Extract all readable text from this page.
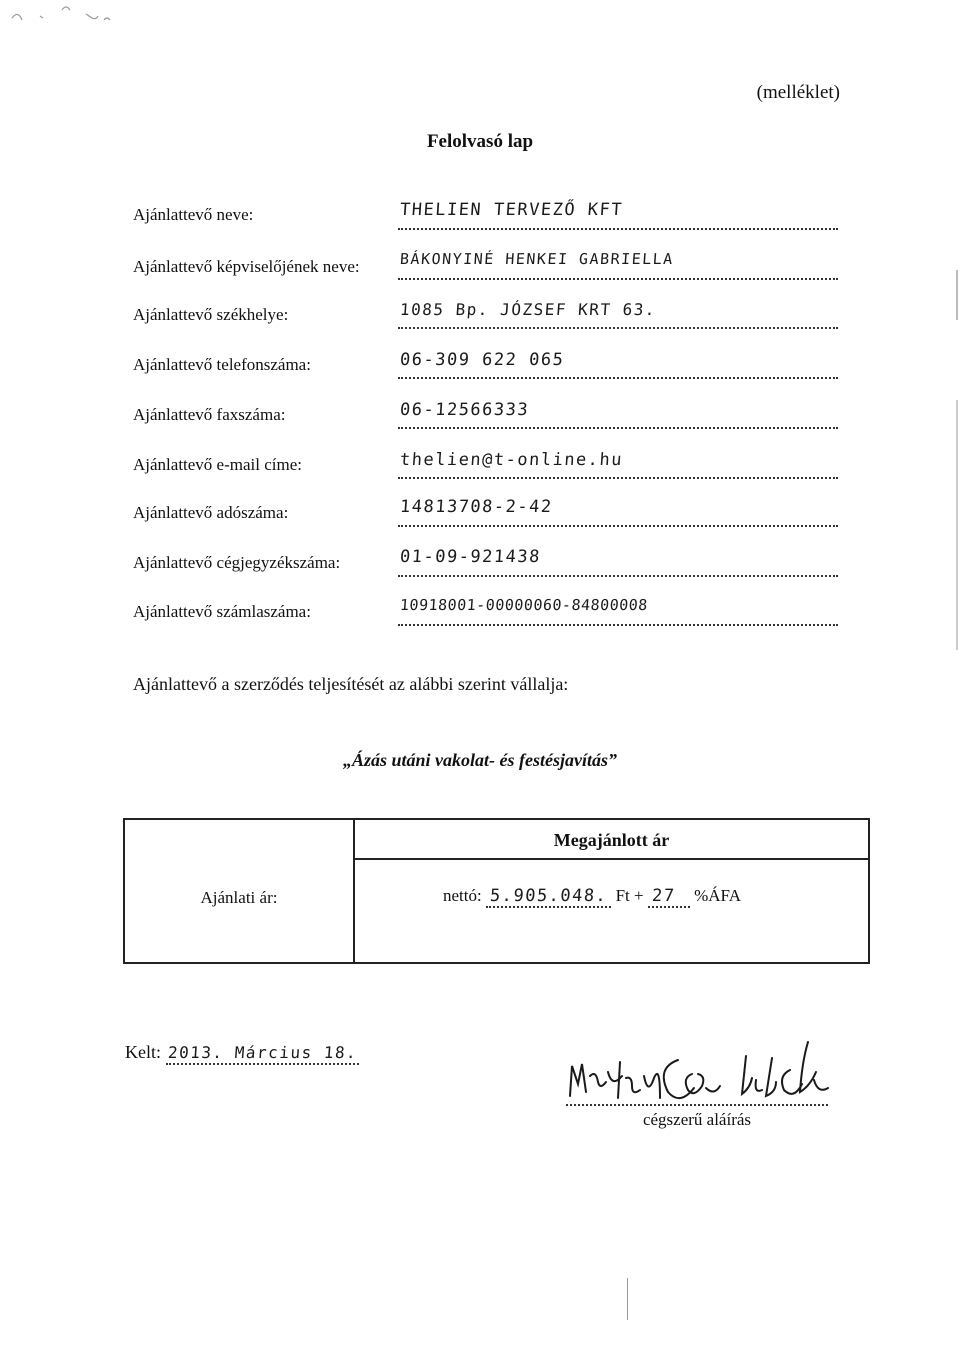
(melléklet)
Felolvasó lap
Ajánlattevő neve:	THELIEN TERVEZŐ KFT
Ajánlattevő képviselőjének neve:	BÁKONYINÉ HENKEI GABRIELLA
Ajánlattevő székhelye:	1085 Bp. JÓZSEF KRT 63.
Ajánlattevő telefonszáma:	06-309 622 065
Ajánlattevő faxszáma:	06-12566333
Ajánlattevő e-mail címe:	thelien@t-online.hu
Ajánlattevő adószáma:	14813708-2-42
Ajánlattevő cégjegyzékszáma:	01-09-921438
Ajánlattevő számlaszáma:	10918001-00000060-84800008
Ajánlattevő a szerződés teljesítését az alábbi szerint vállalja:
„Ázás utáni vakolat- és festésjavítás”
Megajánlott ár
Ajánlati ár:	nettó: 5.905.048. Ft + 27 %ÁFA
Kelt: 2013. Március 18.
cégszerű aláírás
